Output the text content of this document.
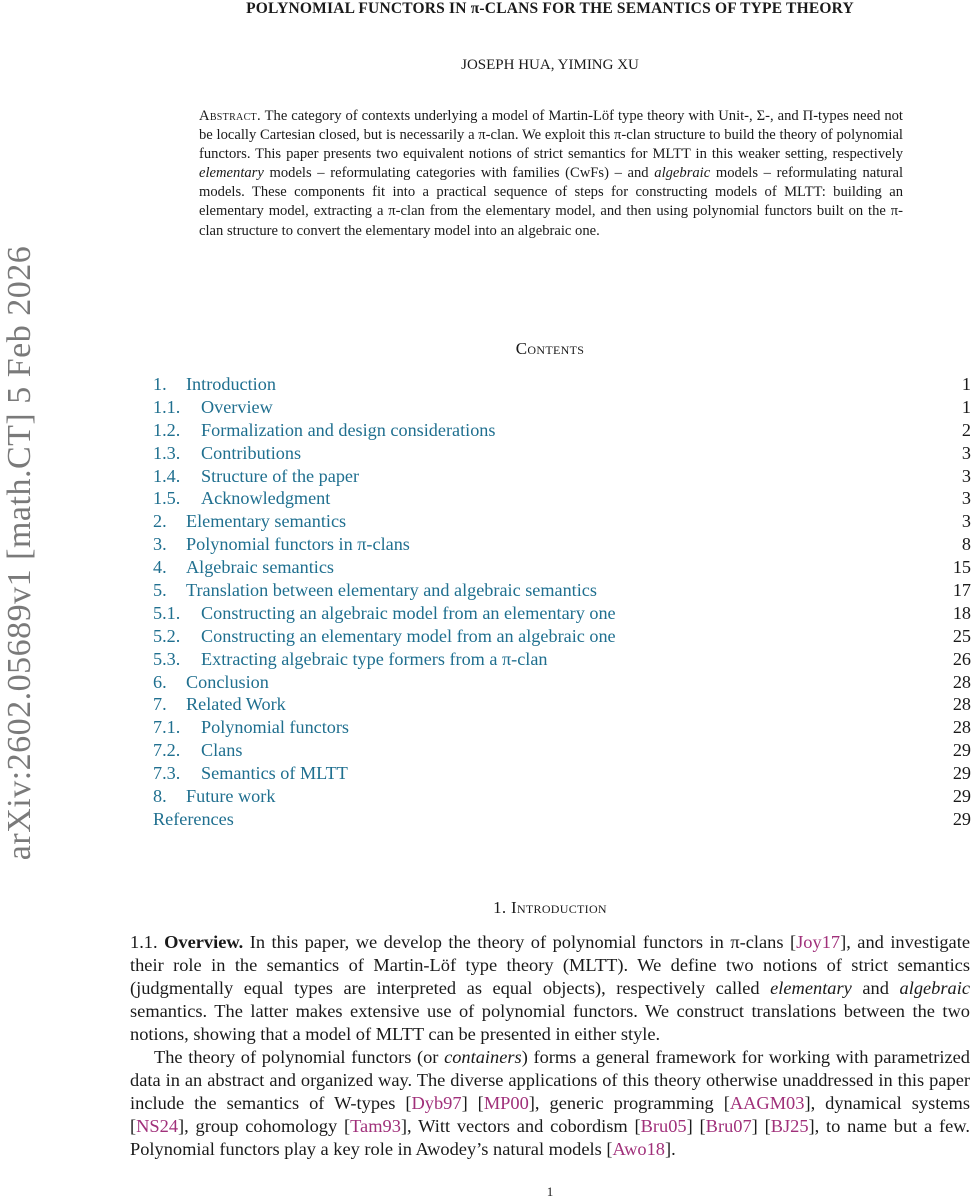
arXiv:2602.05689v1 [math.CT] 5 Feb 2026
POLYNOMIAL FUNCTORS IN π-CLANS FOR THE SEMANTICS OF TYPE THEORY
JOSEPH HUA, YIMING XU
Abstract. The category of contexts underlying a model of Martin-Löf type theory with Unit-, Σ-, and Π-types need not be locally Cartesian closed, but is necessarily a π-clan. We exploit this π-clan structure to build the theory of polynomial functors. This paper presents two equivalent notions of strict semantics for MLTT in this weaker setting, respectively elementary models – reformulating categories with families (CwFs) – and algebraic models – reformulating natural models. These components fit into a practical sequence of steps for constructing models of MLTT: building an elementary model, extracting a π-clan from the elementary model, and then using polynomial functors built on the π-clan structure to convert the elementary model into an algebraic one.
Contents
1.	Introduction	1
1.1.	Overview	1
1.2.	Formalization and design considerations	2
1.3.	Contributions	3
1.4.	Structure of the paper	3
1.5.	Acknowledgment	3
2.	Elementary semantics	3
3.	Polynomial functors in π-clans	8
4.	Algebraic semantics	15
5.	Translation between elementary and algebraic semantics	17
5.1.	Constructing an algebraic model from an elementary one	18
5.2.	Constructing an elementary model from an algebraic one	25
5.3.	Extracting algebraic type formers from a π-clan	26
6.	Conclusion	28
7.	Related Work	28
7.1.	Polynomial functors	28
7.2.	Clans	29
7.3.	Semantics of MLTT	29
8.	Future work	29
References	29
1. Introduction

1.1. Overview. In this paper, we develop the theory of polynomial functors in π-clans [Joy17], and investigate their role in the semantics of Martin-Löf type theory (MLTT). We define two notions of strict semantics (judgmentally equal types are interpreted as equal objects), respectively called elementary and algebraic semantics. The latter makes extensive use of polynomial functors. We construct translations between the two notions, showing that a model of MLTT can be presented in either style.

The theory of polynomial functors (or containers) forms a general framework for working with parametrized data in an abstract and organized way. The diverse applications of this theory otherwise unaddressed in this paper include the semantics of W-types [Dyb97] [MP00], generic programming [AAGM03], dynamical systems [NS24], group cohomology [Tam93], Witt vectors and cobordism [Bru05] [Bru07] [BJ25], to name but a few. Polynomial functors play a key role in Awodey’s natural models [Awo18].

1
